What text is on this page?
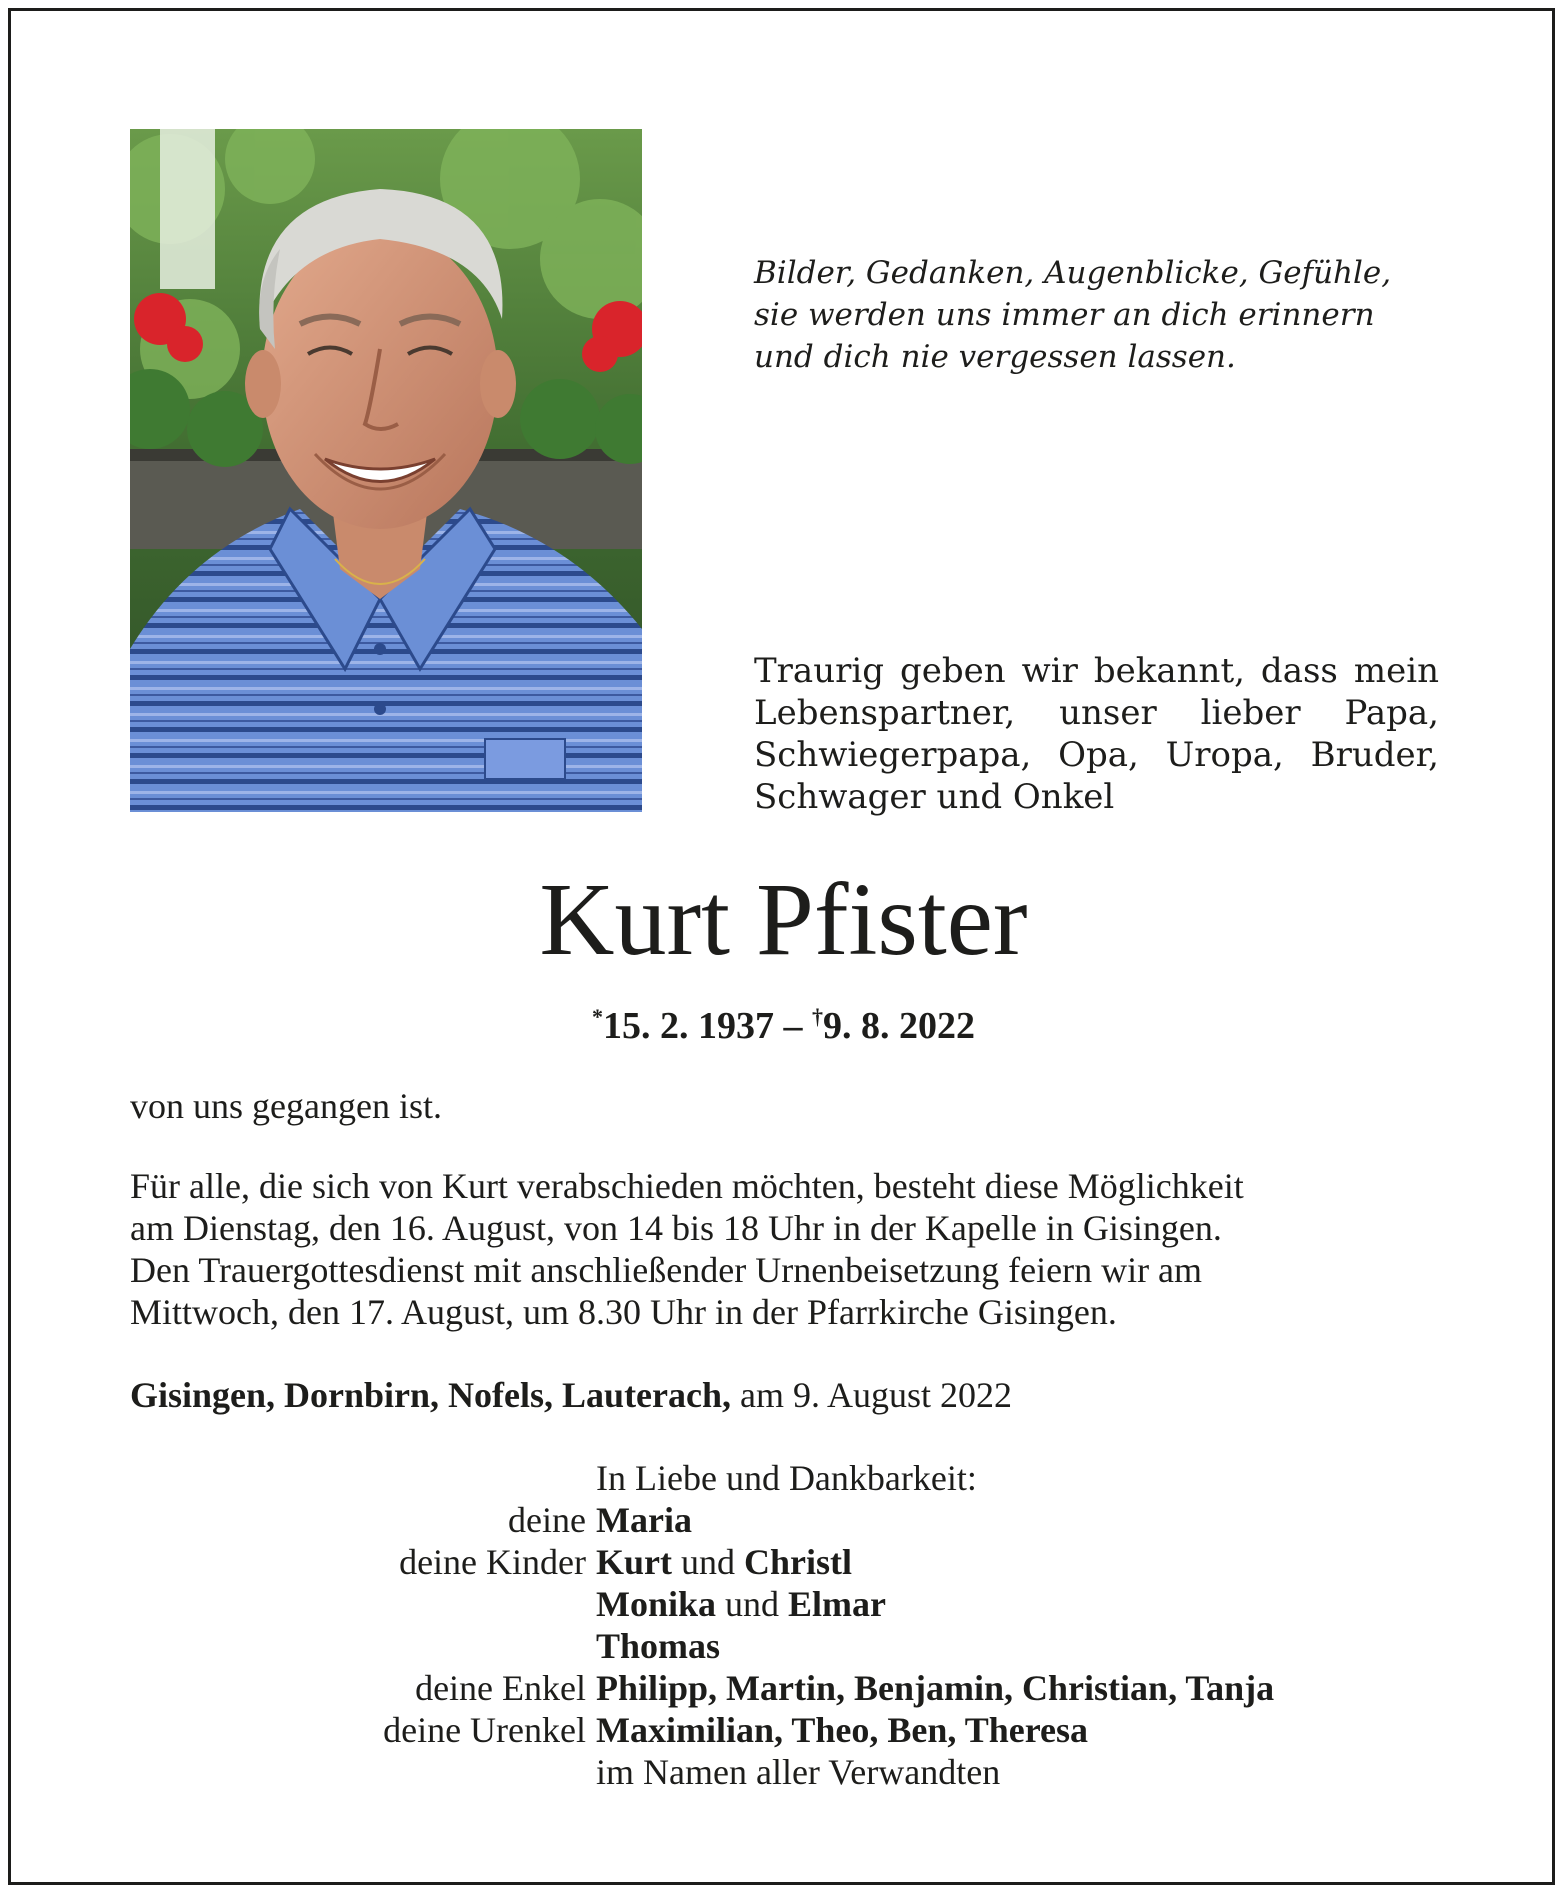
Bilder, Gedanken, Augenblicke, Gefühle,
sie werden uns immer an dich erinnern
und dich nie vergessen lassen.
Traurig geben wir bekannt, dass mein
Lebenspartner, unser lieber Papa,
Schwiegerpapa, Opa, Uropa, Bruder,
Schwager und Onkel
Kurt Pfister
*15. 2. 1937 – †9. 8. 2022
von uns gegangen ist.
Für alle, die sich von Kurt verabschieden möchten, besteht diese Möglichkeit
am Dienstag, den 16. August, von 14 bis 18 Uhr in der Kapelle in Gisingen.
Den Trauergottesdienst mit anschließender Urnenbeisetzung feiern wir am
Mittwoch, den 17. August, um 8.30 Uhr in der Pfarrkirche Gisingen.
Gisingen, Dornbirn, Nofels, Lauterach, am 9. August 2022
In Liebe und Dankbarkeit:
deine Maria
deine Kinder Kurt und Christl
Monika und Elmar
Thomas
deine Enkel Philipp, Martin, Benjamin, Christian, Tanja
deine Urenkel Maximilian, Theo, Ben, Theresa
im Namen aller Verwandten
